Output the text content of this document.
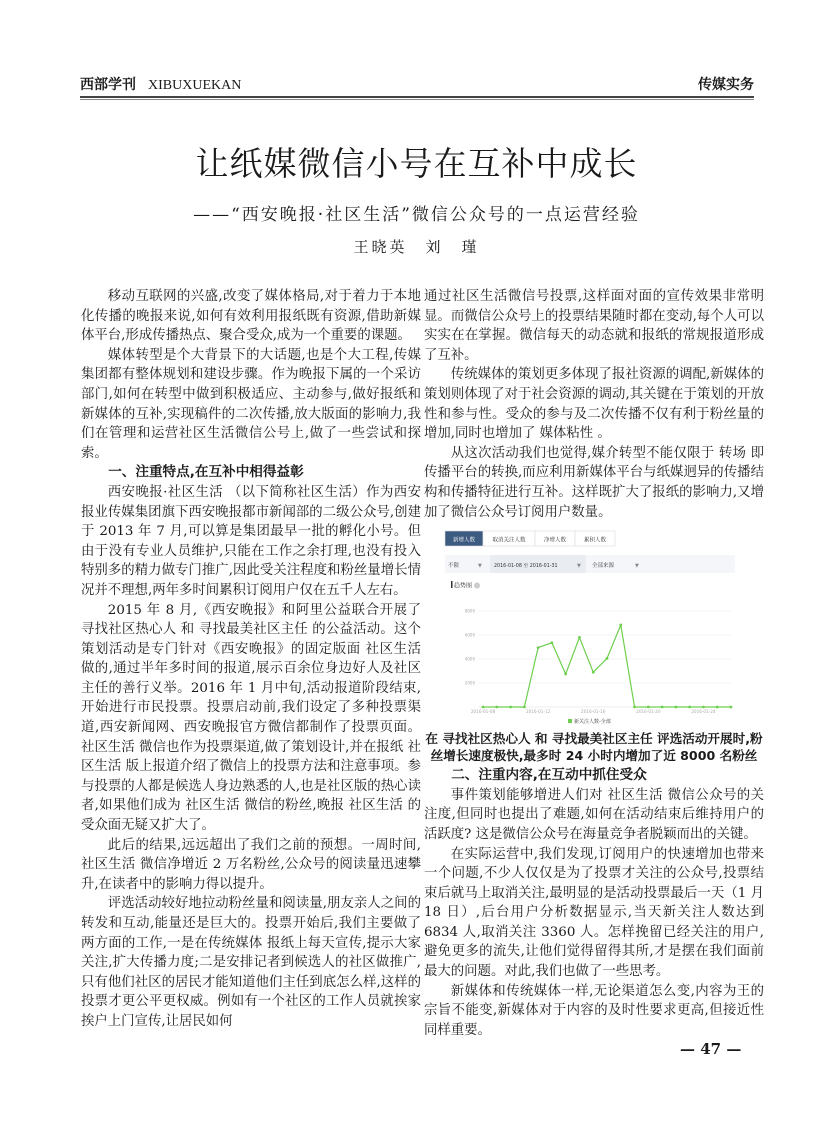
西部学刊 XIBUXUEKAN	传媒实务
让纸媒微信小号在互补中成长
——“西安晚报·社区生活”微信公众号的一点运营经验
王晓英　刘　瑾

移动互联网的兴盛,改变了媒体格局,对于着力于本地化传播的晚报来说,如何有效利用报纸既有资源,借助新媒体平台,形成传播热点、聚合受众,成为一个重要的课题。

媒体转型是个大背景下的大话题,也是个大工程,传媒集团都有整体规划和建设步骤。作为晚报下属的一个采访部门,如何在转型中做到积极适应、主动参与,做好报纸和新媒体的互补,实现稿件的二次传播,放大版面的影响力,我们在管理和运营社区生活微信公号上,做了一些尝试和探索。

一、注重特点,在互补中相得益彰

西安晚报·社区生活 （以下简称社区生活）作为西安报业传媒集团旗下西安晚报都市新闻部的二级公众号,创建于 2013 年 7 月,可以算是集团最早一批的孵化小号。但由于没有专业人员维护,只能在工作之余打理,也没有投入特别多的精力做专门推广,因此受关注程度和粉丝量增长情况并不理想,两年多时间累积订阅用户仅在五千人左右。

2015 年 8 月,《西安晚报》和阿里公益联合开展了 寻找社区热心人 和 寻找最美社区主任 的公益活动。这个策划活动是专门针对《西安晚报》的固定版面 社区生活 做的,通过半年多时间的报道,展示百余位身边好人及社区主任的善行义举。2016 年 1 月中旬,活动报道阶段结束,开始进行市民投票。投票启动前,我们设定了多种投票渠道,西安新闻网、西安晚报官方微信都制作了投票页面。 社区生活 微信也作为投票渠道,做了策划设计,并在报纸 社区生活 版上报道介绍了微信上的投票方法和注意事项。参与投票的人都是候选人身边熟悉的人,也是社区版的热心读者,如果他们成为 社区生活 微信的粉丝,晚报 社区生活 的受众面无疑又扩大了。

此后的结果,远远超出了我们之前的预想。一周时间, 社区生活 微信净增近 2 万名粉丝,公众号的阅读量迅速攀升,在读者中的影响力得以提升。

评选活动较好地拉动粉丝量和阅读量,朋友亲人之间的转发和互动,能量还是巨大的。投票开始后,我们主要做了两方面的工作,一是在传统媒体 报纸上每天宣传,提示大家关注,扩大传播力度;二是安排记者到候选人的社区做推广,只有他们社区的居民才能知道他们主任到底怎么样,这样的投票才更公平更权威。例如有一个社区的工作人员就挨家挨户上门宣传,让居民如何

通过社区生活微信号投票,这样面对面的宣传效果非常明显。而微信公众号上的投票结果随时都在变动,每个人可以实实在在掌握。微信每天的动态就和报纸的常规报道形成了互补。

传统媒体的策划更多体现了报社资源的调配,新媒体的策划则体现了对于社会资源的调动,其关键在于策划的开放性和参与性。受众的参与及二次传播不仅有利于粉丝量的增加,同时也增加了 媒体粘性 。

从这次活动我们也觉得,媒介转型不能仅限于 转场 即传播平台的转换,而应利用新媒体平台与纸媒迥异的传播结构和传播特征进行互补。这样既扩大了报纸的影响力,又增加了微信公众号订阅用户数量。

新增人数	取消关注人数	净增人数	累积人数
不限	▼	2016-01-08 至 2016-01-31	▼ 全部来源	▼
趋势图
2000
4000
6000
8000
2016-01-08	2016-01-12	2016-01-16	2016-01-20	2016-01-24
新关注人数-全部
在 寻找社区热心人 和 寻找最美社区主任 评选活动开展时,粉丝增长速度极快,最多时 24 小时内增加了近 8000 名粉丝
二、注重内容,在互动中抓住受众

事件策划能够增进人们对 社区生活 微信公众号的关注度,但同时也提出了难题,如何在活动结束后维持用户的活跃度? 这是微信公众号在海量竞争者脱颖而出的关键。

在实际运营中,我们发现,订阅用户的快速增加也带来一个问题,不少人仅仅是为了投票才关注的公众号,投票结束后就马上取消关注,最明显的是活动投票最后一天（1 月 18 日）,后台用户分析数据显示,当天新关注人数达到 6834 人,取消关注 3360 人。怎样挽留已经关注的用户,避免更多的流失,让他们觉得留得其所,才是摆在我们面前最大的问题。对此,我们也做了一些思考。

新媒体和传统媒体一样,无论渠道怎么变,内容为王的宗旨不能变,新媒体对于内容的及时性要求更高,但接近性同样重要。

— 47 —
